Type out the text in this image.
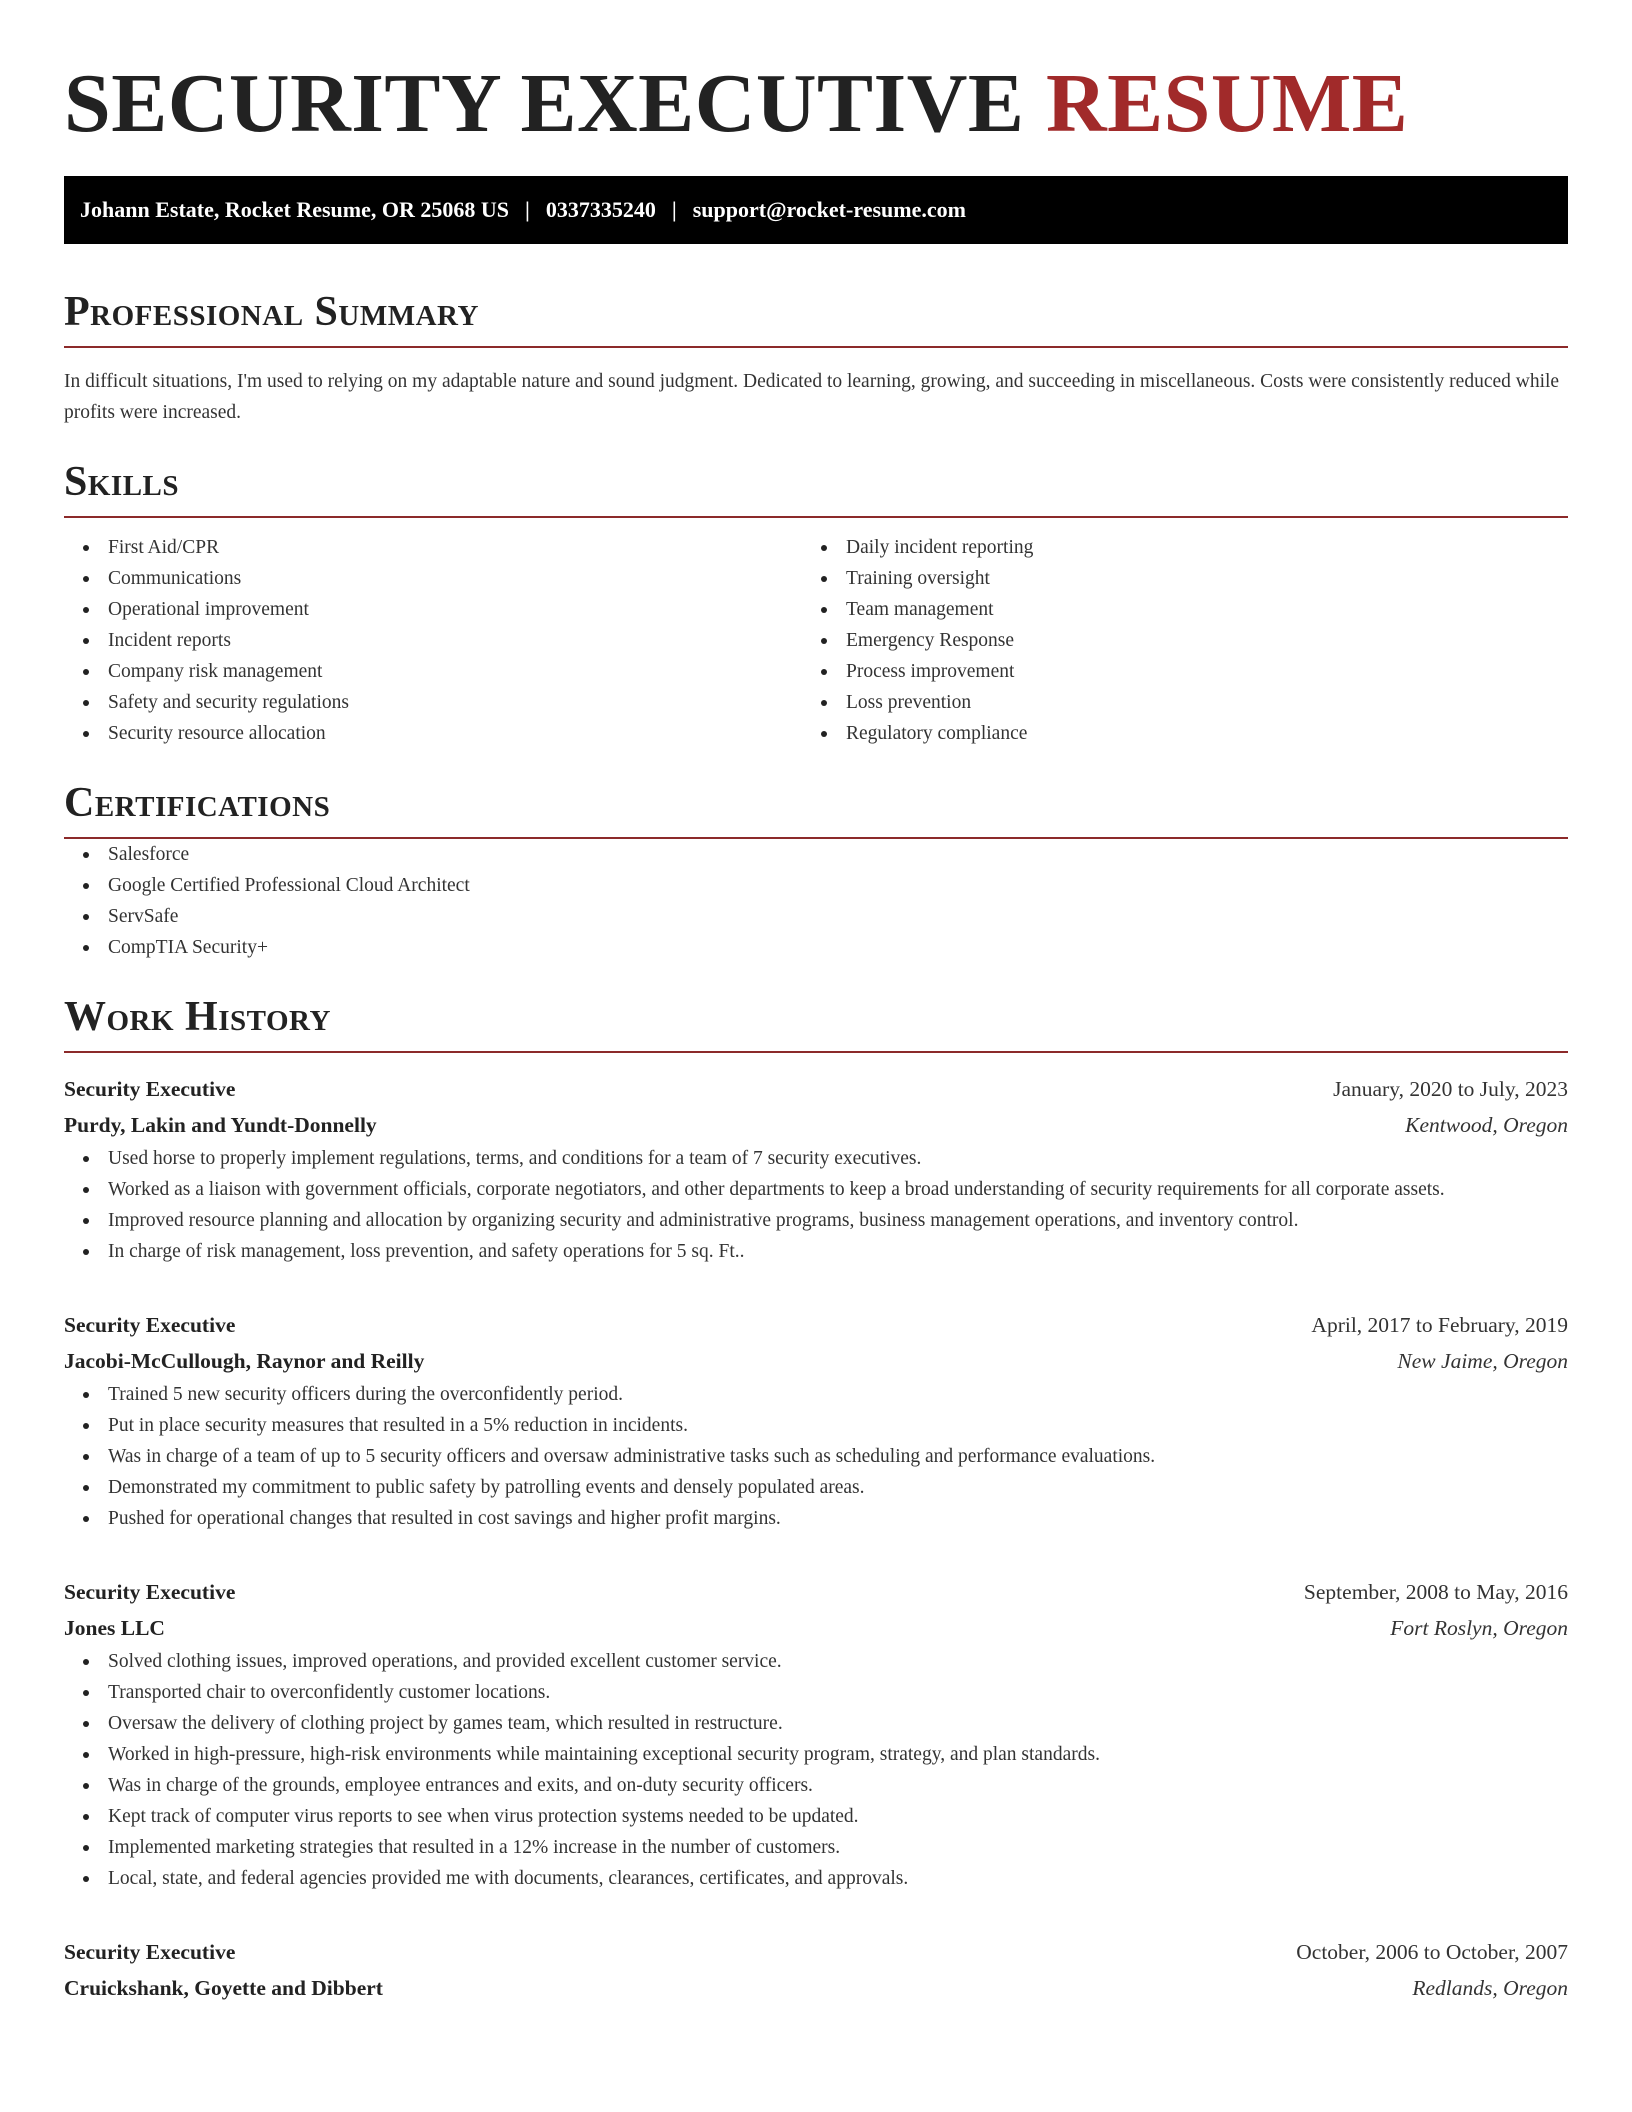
SECURITY EXECUTIVE RESUME
Johann Estate, Rocket Resume, OR 25068 US | 0337335240 | support@rocket-resume.com
Professional Summary

In difficult situations, I'm used to relying on my adaptable nature and sound judgment. Dedicated to learning, growing, and succeeding in miscellaneous. Costs were consistently reduced while profits were increased.

Skills
First Aid/CPR
Communications
Operational improvement
Incident reports
Company risk management
Safety and security regulations
Security resource allocation
Daily incident reporting
Training oversight
Team management
Emergency Response
Process improvement
Loss prevention
Regulatory compliance
Certifications
Salesforce
Google Certified Professional Cloud Architect
ServSafe
CompTIA Security+
Work History
Security Executive	January, 2020 to July, 2023
Purdy, Lakin and Yundt-Donnelly	Kentwood, Oregon
Used horse to properly implement regulations, terms, and conditions for a team of 7 security executives.
Worked as a liaison with government officials, corporate negotiators, and other departments to keep a broad understanding of security requirements for all corporate assets.
Improved resource planning and allocation by organizing security and administrative programs, business management operations, and inventory control.
In charge of risk management, loss prevention, and safety operations for 5 sq. Ft..
Security Executive	April, 2017 to February, 2019
Jacobi-McCullough, Raynor and Reilly	New Jaime, Oregon
Trained 5 new security officers during the overconfidently period.
Put in place security measures that resulted in a 5% reduction in incidents.
Was in charge of a team of up to 5 security officers and oversaw administrative tasks such as scheduling and performance evaluations.
Demonstrated my commitment to public safety by patrolling events and densely populated areas.
Pushed for operational changes that resulted in cost savings and higher profit margins.
Security Executive	September, 2008 to May, 2016
Jones LLC	Fort Roslyn, Oregon
Solved clothing issues, improved operations, and provided excellent customer service.
Transported chair to overconfidently customer locations.
Oversaw the delivery of clothing project by games team, which resulted in restructure.
Worked in high-pressure, high-risk environments while maintaining exceptional security program, strategy, and plan standards.
Was in charge of the grounds, employee entrances and exits, and on-duty security officers.
Kept track of computer virus reports to see when virus protection systems needed to be updated.
Implemented marketing strategies that resulted in a 12% increase in the number of customers.
Local, state, and federal agencies provided me with documents, clearances, certificates, and approvals.
Security Executive	October, 2006 to October, 2007
Cruickshank, Goyette and Dibbert	Redlands, Oregon
